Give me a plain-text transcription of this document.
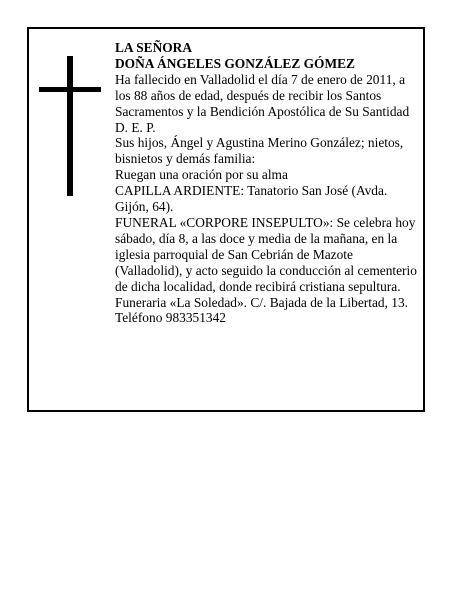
LA SEÑORA

DOÑA ÁNGELES GONZÁLEZ GÓMEZ

Ha fallecido en Valladolid el día 7 de enero de 2011, a los 88 años de edad, después de recibir los Santos Sacramentos y la Bendición Apostólica de Su Santidad D. E. P.

Sus hijos, Ángel y Agustina Merino González; nietos, bisnietos y demás familia:

Ruegan una oración por su alma

CAPILLA ARDIENTE: Tanatorio San José (Avda. Gijón, 64).

FUNERAL «CORPORE INSEPULTO»: Se celebra hoy sábado, día 8, a las doce y media de la mañana, en la iglesia parroquial de San Cebrián de Mazote (Valladolid), y acto seguido la conducción al cementerio de dicha localidad, donde recibirá cristiana sepultura.

Funeraria «La Soledad». C/. Bajada de la Libertad, 13. Teléfono 983351342
